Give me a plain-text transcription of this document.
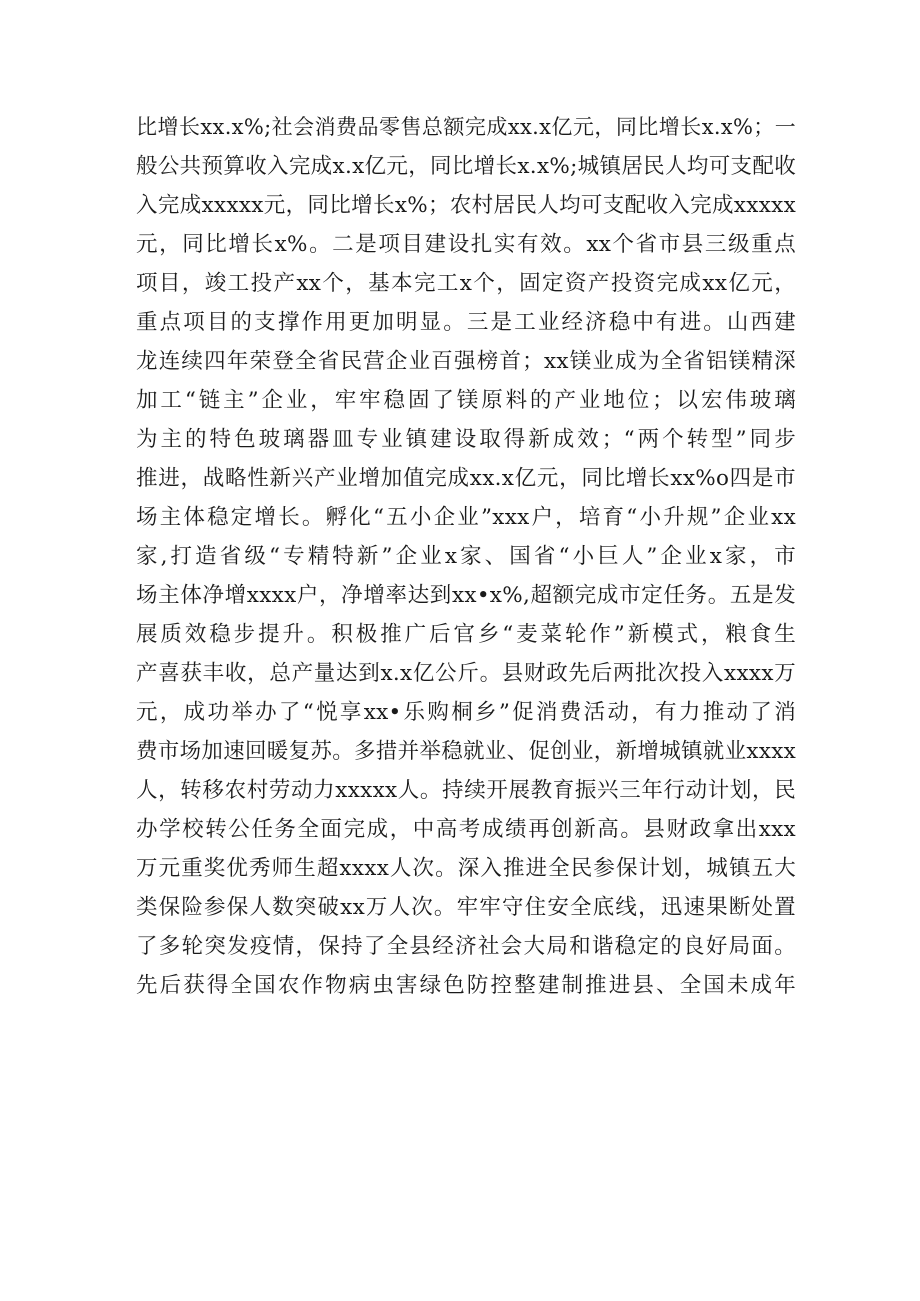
比增长xx.x%;社会消费品零售总额完成xx.x亿元，同比增长x.x%；一
般公共预算收入完成x.x亿元，同比增长x.x%;城镇居民人均可支配收
入完成xxxxx元，同比增长x%；农村居民人均可支配收入完成xxxxx
元，同比增长x%。二是项目建设扎实有效。xx个省市县三级重点
项目，竣工投产xx个，基本完工x个，固定资产投资完成xx亿元，
重点项目的支撑作用更加明显。三是工业经济稳中有进。山西建
龙连续四年荣登全省民营企业百强榜首；xx镁业成为全省铝镁精深
加工“链主”企业，牢牢稳固了镁原料的产业地位；以宏伟玻璃
为主的特色玻璃器皿专业镇建设取得新成效；“两个转型”同步
推进，战略性新兴产业增加值完成xx.x亿元，同比增长xx%o四是市
场主体稳定增长。孵化“五小企业”xxx户，培育“小升规”企业xx
家,打造省级“专精特新”企业x家、国省“小巨人”企业x家，市
场主体净增xxxx户，净增率达到xx•x%,超额完成市定任务。五是发
展质效稳步提升。积极推广后官乡“麦菜轮作”新模式，粮食生
产喜获丰收，总产量达到x.x亿公斤。县财政先后两批次投入xxxx万
元，成功举办了“悦享xx•乐购桐乡”促消费活动，有力推动了消
费市场加速回暖复苏。多措并举稳就业、促创业，新增城镇就业xxxx
人，转移农村劳动力xxxxx人。持续开展教育振兴三年行动计划，民
办学校转公任务全面完成，中高考成绩再创新高。县财政拿出xxx
万元重奖优秀师生超xxxx人次。深入推进全民参保计划，城镇五大
类保险参保人数突破xx万人次。牢牢守住安全底线，迅速果断处置
了多轮突发疫情，保持了全县经济社会大局和谐稳定的良好局面。
先后获得全国农作物病虫害绿色防控整建制推进县、全国未成年
